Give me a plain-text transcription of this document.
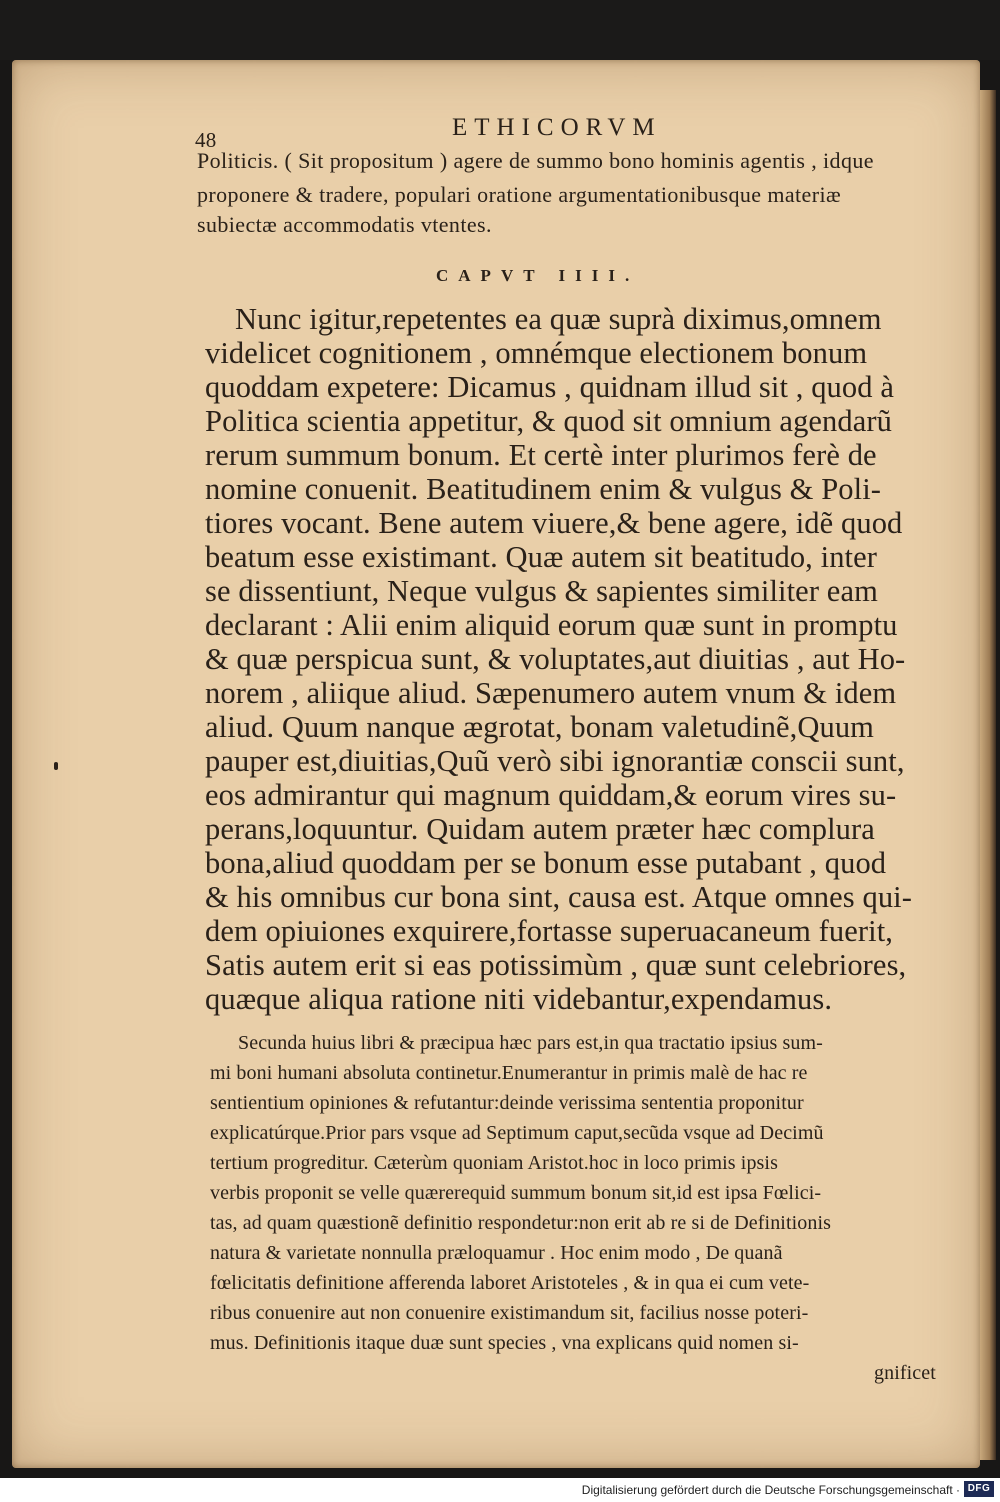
48	ETHICORVM
Politicis. ( Sit propositum ) agere de summo bono hominis agentis , idque
proponere & tradere, populari oratione argumentationibusque materiæ
subiectæ accommodatis vtentes.
CAPVT IIII.
Nunc igitur,repetentes ea quæ suprà diximus,omnem
videlicet cognitionem , omnémque electionem bonum
quoddam expetere: Dicamus , quidnam illud sit , quod à
Politica scientia appetitur, & quod sit omnium agendarũ
rerum summum bonum. Et certè inter plurimos ferè de
nomine conuenit. Beatitudinem enim & vulgus & Poli-
tiores vocant. Bene autem viuere,& bene agere, idẽ quod
beatum esse existimant. Quæ autem sit beatitudo, inter
se dissentiunt, Neque vulgus & sapientes similiter eam
declarant : Alii enim aliquid eorum quæ sunt in promptu
& quæ perspicua sunt, & voluptates,aut diuitias , aut Ho-
norem , aliique aliud. Sæpenumero autem vnum & idem
aliud. Quum nanque ægrotat, bonam valetudinẽ,Quum
pauper est,diuitias,Quũ verò sibi ignorantiæ conscii sunt,
eos admirantur qui magnum quiddam,& eorum vires su-
perans,loquuntur. Quidam autem præter hæc complura
bona,aliud quoddam per se bonum esse putabant , quod
& his omnibus cur bona sint, causa est. Atque omnes qui-
dem opiuiones exquirere,fortasse superuacaneum fuerit,
Satis autem erit si eas potissimùm , quæ sunt celebriores,
quæque aliqua ratione niti videbantur,expendamus.
Secunda huius libri & præcipua hæc pars est,in qua tractatio ipsius sum-
mi boni humani absoluta continetur.Enumerantur in primis malè de hac re
sentientium opiniones & refutantur:deinde verissima sententia proponitur
explicatúrque.Prior pars vsque ad Septimum caput,secũda vsque ad Decimũ
tertium progreditur. Cæterùm quoniam Aristot.hoc in loco primis ipsis
verbis proponit se velle quærerequid summum bonum sit,id est ipsa Fœlici-
tas, ad quam quæstionẽ definitio respondetur:non erit ab re si de Definitionis
natura & varietate nonnulla præloquamur . Hoc enim modo , De quanã
fœlicitatis definitione afferenda laboret Aristoteles , & in qua ei cum vete-
ribus conuenire aut non conuenire existimandum sit, facilius nosse poteri-
mus. Definitionis itaque duæ sunt species , vna explicans quid nomen si-
gnificet
Digitalisierung gefördert durch die Deutsche Forschungsgemeinschaft · DFG
